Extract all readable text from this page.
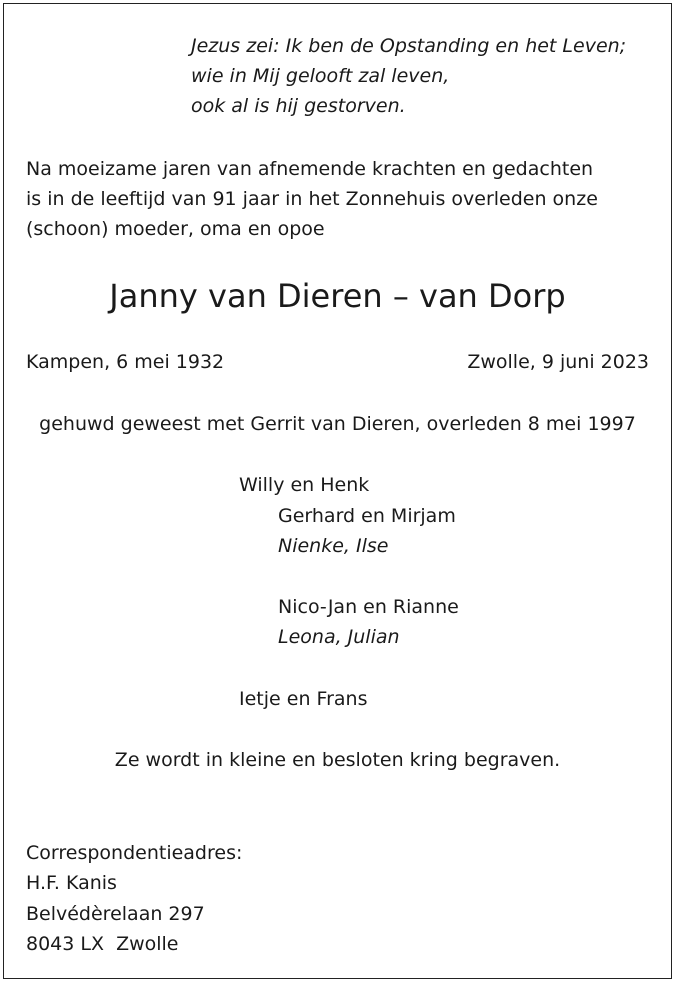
Jezus zei: Ik ben de Opstanding en het Leven;
wie in Mij gelooft zal leven,
ook al is hij gestorven.
Na moeizame jaren van afnemende krachten en gedachten
is in de leeftijd van 91 jaar in het Zonnehuis overleden onze
(schoon) moeder, oma en opoe
Janny van Dieren – van Dorp
Kampen, 6 mei 1932	Zwolle, 9 juni 2023
gehuwd geweest met Gerrit van Dieren, overleden 8 mei 1997
Willy en Henk
Gerhard en Mirjam
Nienke, Ilse
Nico-Jan en Rianne
Leona, Julian
Ietje en Frans
Ze wordt in kleine en besloten kring begraven.
Correspondentieadres:
H.F. Kanis
Belvédèrelaan 297
8043 LX  Zwolle
